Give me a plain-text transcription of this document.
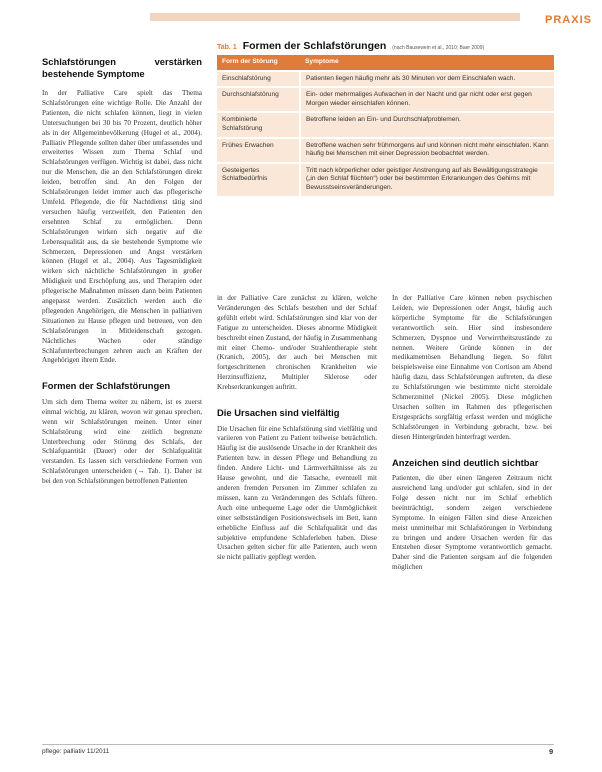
PRAXIS
Schlafstörungen verstärken bestehende Symptome

In der Palliative Care spielt das Thema Schlafstörungen eine wichtige Rolle. Die Anzahl der Patienten, die nicht schlafen können, liegt in vielen Untersuchungen bei 30 bis 70 Prozent, deutlich höher als in der Allgemeinbevölkerung (Hugel et al., 2004). Palliativ Pflegende sollten daher über umfassendes und erweitertes Wissen zum Thema Schlaf und Schlafstörungen verfügen. Wichtig ist dabei, dass nicht nur die Menschen, die an den Schlafstörungen direkt leiden, betroffen sind. An den Folgen der Schlafstörungen leidet immer auch das pflegerische Umfeld. Pflegende, die für Nachtdienst tätig sind versuchen häufig verzweifelt, den Patienten den ersehnten Schlaf zu ermöglichen. Denn Schlafstörungen wirken sich negativ auf die Lebensqualität aus, da sie bestehende Symptome wie Schmerzen, Depressionen und Angst verstärken können (Hugel et al., 2004). Aus Tagesmüdigkeit wirken sich nächtliche Schlafstörungen in großer Müdigkeit und Erschöpfung aus, und Therapien oder pflegerische Maßnahmen müssen dann beim Patienten angepasst werden. Zusätzlich werden auch die pflegenden Angehörigen, die Menschen in palliativen Situationen zu Hause pflegen und betreuen, von den Schlafstörungen in Mitleidenschaft gezogen. Nächtliches Wachen oder ständige Schlafunterbrechungen zehren auch an Kräften der Angehörigen ihrem Ende.

Formen der Schlafstörungen

Um sich dem Thema weiter zu nähern, ist es zuerst einmal wichtig, zu klären, wovon wir genau sprechen, wenn wir Schlafstörungen meinen. Unter einer Schlafstörung wird eine zeitlich begrenzte Unterbrechung oder Störung des Schlafs, der Schlafquantität (Dauer) oder der Schlafqualität verstanden. Es lassen sich verschiedene Formen von Schlafstörungen unterscheiden (→ Tab. 1). Daher ist bei den von Schlafstörungen betroffenen Patienten

Tab. 1 Formen der Schlafstörungen (nach Bausewein et al., 2010; Baer 2009)
Form der Störung	Symptome
Einschlafstörung	Patienten liegen häufig mehr als 30 Minuten vor dem Einschlafen wach.
Durchschlafstörung	Ein- oder mehrmaliges Aufwachen in der Nacht und gar nicht oder erst gegen Morgen wieder einschlafen können.
Kombinierte Schlafstörung	Betroffene leiden an Ein- und Durchschlafproblemen.
Frühes Erwachen	Betroffene wachen sehr frühmorgens auf und können nicht mehr einschlafen. Kann häufig bei Menschen mit einer Depression beobachtet werden.
Gesteigertes Schlafbedürfnis	Tritt nach körperlicher oder geistiger Anstrengung auf als Bewältigungsstrategie („in den Schlaf flüchten“) oder bei bestimmten Erkrankungen des Gehirns mit Bewusstseinsveränderungen.

in der Palliative Care zunächst zu klären, welche Veränderungen des Schlafs bestehen und der Schlaf gefühlt erlebt wird. Schlafstörungen sind klar von der Fatigue zu unterscheiden. Dieses abnorme Müdigkeit beschreibt einen Zustand, der häufig in Zusammenhang mit einer Chemo- und/oder Strahlentherapie steht (Kranich, 2005), der auch bei Menschen mit fortgeschrittenen chronischen Krankheiten wie Herzinsuffizienz, Multipler Sklerose oder Krebserkrankungen auftritt.

Die Ursachen sind vielfältig

Die Ursachen für eine Schlafstörung sind vielfältig und variieren von Patient zu Patient teilweise beträchtlich. Häufig ist die auslösende Ursache in der Krankheit des Patienten bzw. in dessen Pflege und Behandlung zu finden. Andere Licht- und Lärmverhältnisse als zu Hause gewohnt, und die Tatsache, eventuell mit anderen fremden Personen im Zimmer schlafen zu müssen, kann zu Veränderungen des Schlafs führen. Auch eine unbequeme Lage oder die Unmöglichkeit einer selbstständigen Positionswechsels im Bett, kann erhebliche Einfluss auf die Schlafqualität und das subjektive empfundene Schlaferleben haben. Diese Ursachen gelten sicher für alle Patienten, auch wenn sie nicht palliativ gepflegt werden.

In der Palliative Care können neben psychischen Leiden, wie Depressionen oder Angst, häufig auch körperliche Symptome für die Schlafstörungen verantwortlich sein. Hier sind insbesondere Schmerzen, Dyspnoe und Verwirrtheitszustände zu nennen. Weitere Gründe können in der medikamentösen Behandlung liegen. So führt beispielsweise eine Einnahme von Cortison am Abend häufig dazu, dass Schlafstörungen auftreten, da diese zu Schlafstörungen wie bestimmte nicht steroidale Schmerzmittel (Nickel 2005). Diese möglichen Ursachen sollten im Rahmen des pflegerischen Erstgesprächs sorgfältig erfasst werden und mögliche Schlafstörungen in Verbindung gebracht, bzw. bei diesen Hintergründen hinterfragt werden.

Anzeichen sind deutlich sichtbar

Patienten, die über einen längeren Zeitraum nicht ausreichend lang und/oder gut schlafen, sind in der Folge dessen nicht nur im Schlaf erheblich beeinträchtigt, sondern zeigen verschiedene Symptome. In einigen Fällen sind diese Anzeichen meist unmittelbar mit Schlafstörungen in Verbindung zu bringen und andere Ursachen werden für das Entstehen dieser Symptome verantwortlich gemacht. Daher sind die Patienten sorgsam auf die folgenden möglichen

pflege: palliativ 11/2011	9
